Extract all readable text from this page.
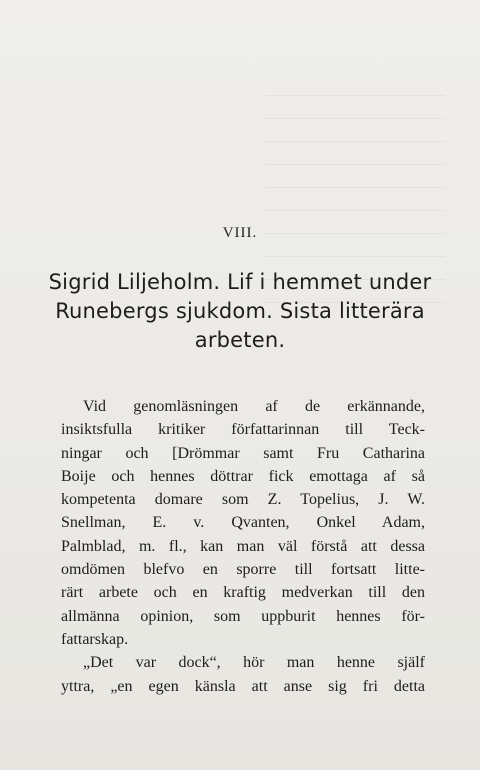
VIII.
Sigrid Liljeholm. Lif i hemmet under
Runebergs sjukdom. Sista litterära
arbeten.
Vid genomläsningen af de erkännande,
insiktsfulla kritiker författarinnan till Teck-
ningar och [Drömmar samt Fru Catharina
Boije och hennes döttrar fick emottaga af så
kompetenta domare som Z. Topelius, J. W.
Snellman, E. v. Qvanten, Onkel Adam,
Palmblad, m. fl., kan man väl förstå att dessa
omdömen blefvo en sporre till fortsatt litte-
rärt arbete och en kraftig medverkan till den
allmänna opinion, som uppburit hennes för-
fattarskap.
„Det var dock“, hör man henne själf
yttra, „en egen känsla att anse sig fri detta
